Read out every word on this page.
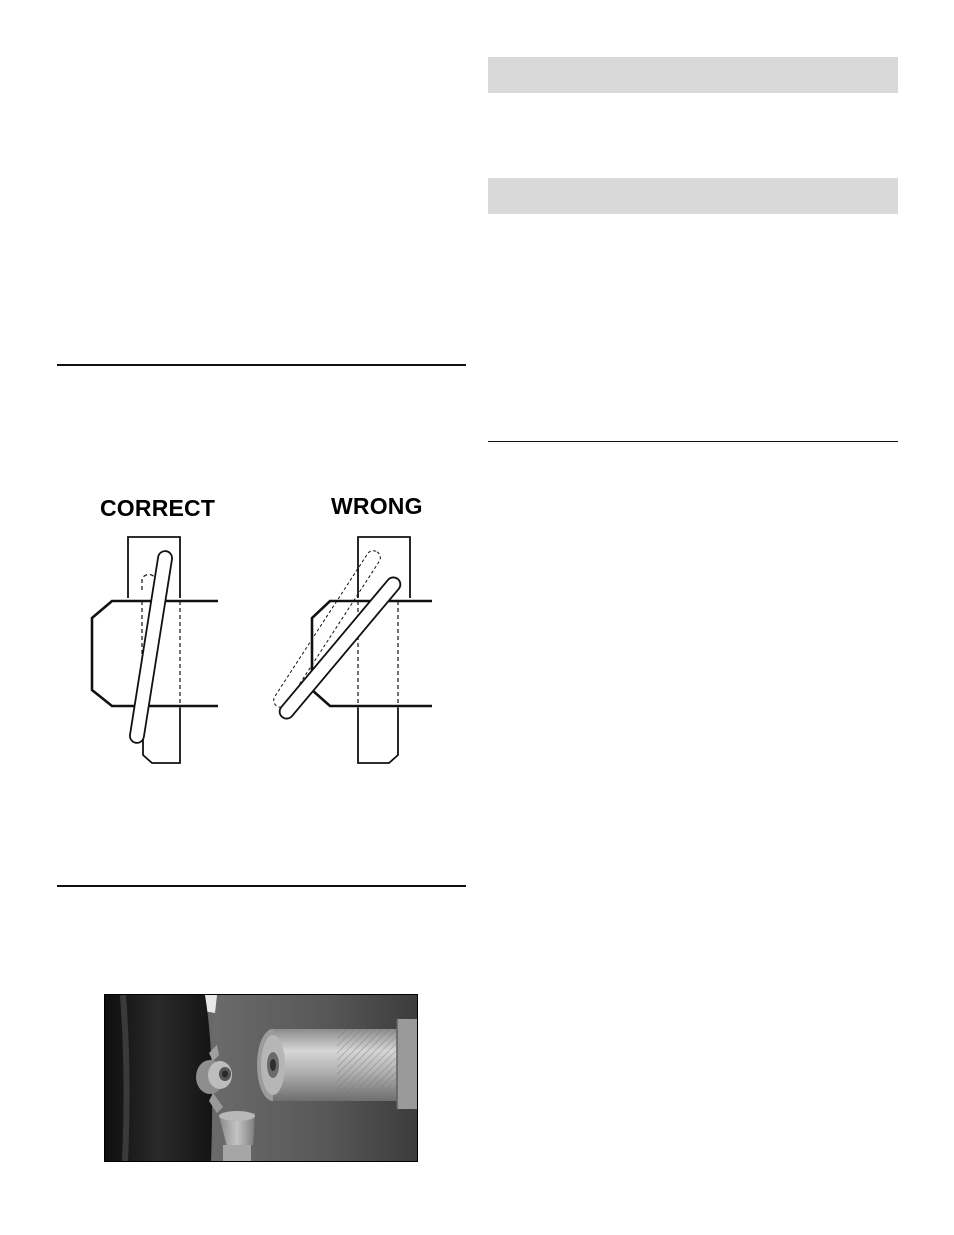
CORRECT	WRONG
